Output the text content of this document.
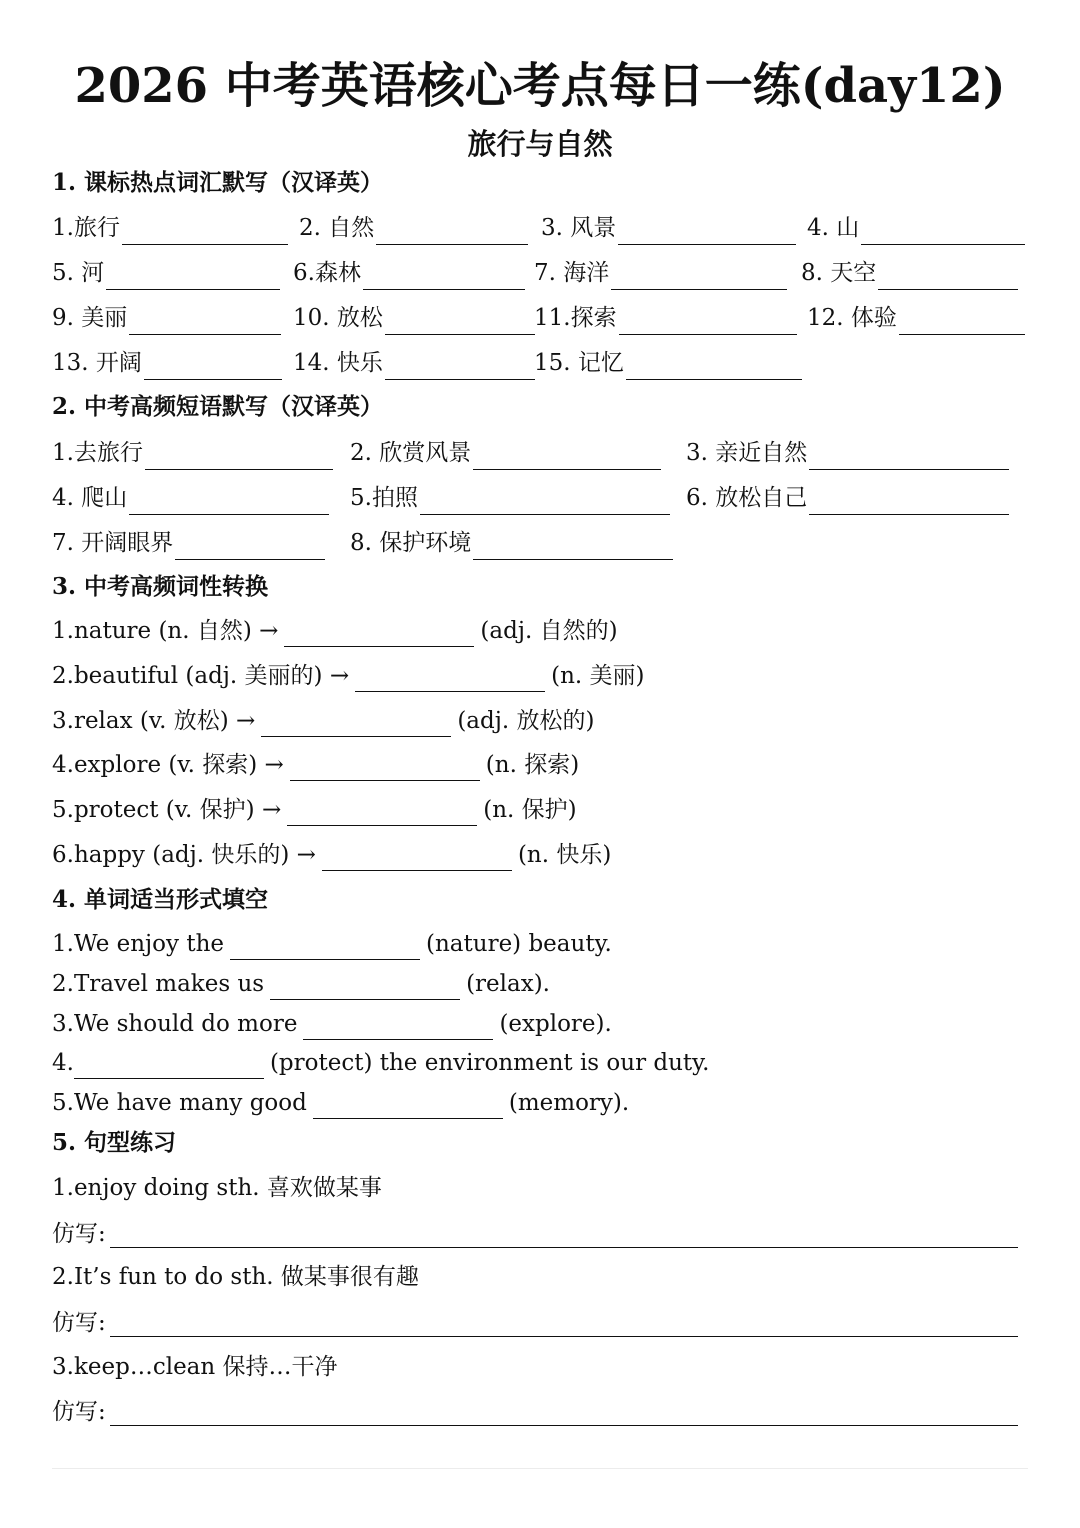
2026 中考英语核心考点每日一练(day12)
旅行与自然
1. 课标热点词汇默写（汉译英）
1.旅行	2. 自然	3. 风景	4. 山
5. 河	6.森林	7. 海洋	8. 天空
9. 美丽	10. 放松	11.探索	12. 体验
13. 开阔	14. 快乐	15. 记忆
2. 中考高频短语默写（汉译英）
1.去旅行	2. 欣赏风景	3. 亲近自然
4. 爬山	5.拍照	6. 放松自己
7. 开阔眼界	8. 保护环境
3. 中考高频词性转换
1.nature (n. 自然) →	(adj. 自然的)
2.beautiful (adj. 美丽的) →	(n. 美丽)
3.relax (v. 放松) →	(adj. 放松的)
4.explore (v. 探索) →	(n. 探索)
5.protect (v. 保护) →	(n. 保护)
6.happy (adj. 快乐的) →	(n. 快乐)
4. 单词适当形式填空
1.We enjoy the	(nature) beauty.
2.Travel makes us	(relax).
3.We should do more	(explore).
4.	(protect) the environment is our duty.
5.We have many good	(memory).
5. 句型练习
1.enjoy doing sth. 喜欢做某事
仿写:
2.It’s fun to do sth. 做某事很有趣
仿写:
3.keep…clean 保持…干净
仿写:
